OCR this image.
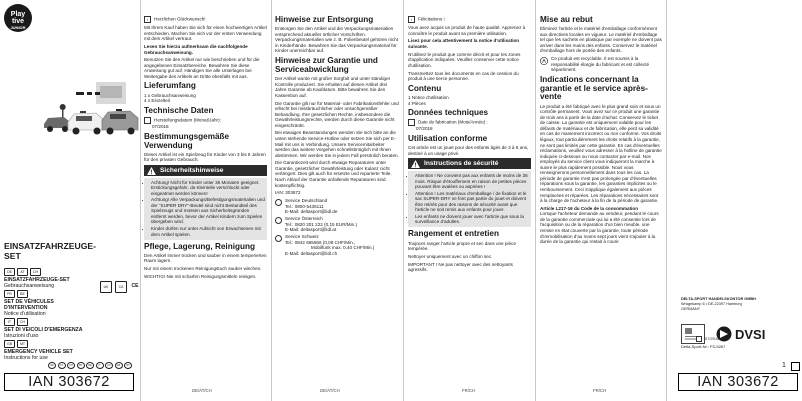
Play
tive
JUNIOR
EINSATZFAHRZEUGE-
SET
DE	AT	CH
EINSATZFAHRZEUGE-SET
Gebrauchsanweisung
FR	BE
SET DE VÉHICULES
D'INTERVENTION
Notice d'utilisation
IT	CH
SET DI VEICOLI D'EMERGENZA
Istruzioni d'uso
GB	MT
EMERGENCY VEHICLE SET
Instructions for use
UK	CA	CE
DE	AT	CH	FR	BE	IT	CH	GB	MT
IAN 303672

i Herzlichen Glückwunsch!

Mit Ihrem Kauf haben Sie sich für einen hochwertigen Artikel entschieden. Machen Sie sich vor der ersten Verwendung mit dem Artikel vertraut.

Lesen Sie hierzu aufmerksam die nachfolgende Gebrauchsanweisung.

Benutzen Sie den Artikel nur wie beschrieben und für die angegebenen Einsatzbereiche. Bewahren Sie diese Anweisung gut auf. Händigen Sie alle Unterlagen bei Weitergabe des Artikels an Dritte ebenfalls mit aus.

Lieferumfang
1 x Gebrauchsanweisung
4 x Einzelteil
Technische Daten
Herstellungsdatum (Monat/Jahr):
07/2018
Bestimmungsgemäße Verwendung

Dieser Artikel ist ein Spielzeug für Kinder von 3 bis 8 Jahren für den privaten Gebrauch.

Sicherheitshinweise
• Achtung! Nicht für Kinder unter 36 Monaten geeignet. Erstickungsgefahr, da Kleinteile verschluckt oder eingeatmet werden können!
• Achtung! Alle Verpackungs/Befestigungsmaterialien und der "SUPER DRY"-Beutel sind nicht Bestandteil des Spielzeugs und müssen aus Sicherheitsgründen entfernt werden, bevor der Artikel Kindern zum Spielen übergeben wird.
• Kinder dürfen nur unter Aufsicht von Erwachsenen mit dem Artikel spielen.
Pflege, Lagerung, Reinigung

Den Artikel immer trocken und sauber in einem temperierten Raum lagern.

Nur mit einem trockenen Reinigungstuch sauber wischen.

WICHTIG! Nie mit scharfen Reinigungsmitteln reinigen.

DE/AT/CH
Hinweise zur Entsorgung

Entsorgen Sie den Artikel und die Verpackungsmaterialien entsprechend aktueller örtlicher Vorschriften. Verpackungsmaterialien wie z. B. Folienbeutel gehören nicht in Kinderhände. Bewahren Sie das Verpackungsmaterial für Kinder unerreichbar auf.

Hinweise zur Garantie und Serviceabwicklung

Der Artikel wurde mit großer Sorgfalt und unter ständiger Kontrolle produziert. Sie erhalten auf diesen Artikel drei Jahre Garantie ab Kaufdatum. Bitte bewahren Sie den Kassenbon auf.

Die Garantie gilt nur für Material- oder Fabrikationsfehler und erlischt bei missbräuchlicher oder unsachgemäßer Behandlung. Ihre gesetzlichen Rechte, insbesondere die Gewährleistungsrechte, werden durch diese Garantie nicht eingeschränkt.

Bei etwaigen Beanstandungen wenden Sie sich bitte an die unten stehende Service-Hotline oder setzen Sie sich per E-Mail mit uns in Verbindung. Unsere Servicemitarbeiter werden das weitere Vorgehen schnellstmöglich mit Ihnen abstimmen. Wir werden Sie in jedem Fall persönlich beraten.

Die Garantiezeit wird durch etwaige Reparaturen unter Garantie, gesetzlicher Gewährleistung oder Kulanz nicht verlängert. Dies gilt auch für ersetzte und reparierte Teile. Nach Ablauf der Garantie anfallende Reparaturen sind kostenpflichtig.

IAN: 303672

Service Deutschland
Tel.: 0800-5435111
E-Mail: deltasport@lidl.de
Service Österreich
Tel.: 0820 201 222 (0,15 EUR/Min.)
E-Mail: deltasport@lidl.at
Service Schweiz
Tel.: 0842 665566 (0,08 CHF/Min.,
Mobilfunk max. 0,40 CHF/Min.)
E-Mail: deltasport@lidl.ch
DE/AT/CH

i Félicitations !

Vous avez acquis un produit de haute qualité. Apprenez à connaître le produit avant sa première utilisation.

Lisez pour cela attentivement la notice d'utilisation suivante.

N'utilisez le produit que comme décrit et pour les zones d'application indiquées. Veuillez conserver cette notice d'utilisation.

Transmettez tous les documents en cas de cession du produit à une tierce personne.

Contenu
1 Notice d'utilisation
4 Pièces
Données techniques
Date de fabrication (Mois/Année) :
07/2018
Utilisation conforme

Cet article est un jouet pour des enfants âgés de 3 à 8 ans, destiné à un usage privé.

Instructions de sécurité
• Attention ! Ne convient pas aux enfants de moins de 36 mois. Risque d'étouffement en raison de petites pièces pouvant être avalées ou aspirées !
• Attention ! Les matériaux d'emballage / de fixation et le sac SUPER-DRY ne font pas partie du jouet et doivent être retirés pour des raisons de sécurité avant que l'article ne soit remis aux enfants pour jouer.
• Les enfants ne doivent jouer avec l'article que sous la surveillance d'adultes.
Rangement et entretien

Toujours ranger l'article propre et sec dans une pièce tempérée.

Nettoyer uniquement avec un chiffon sec.

IMPORTANT ! Ne pas nettoyer avec des nettoyants agressifs.

FR/CH
Mise au rebut

Éliminez l'article et le matériel d'emballage conformément aux directives locales en vigueur. Le matériel d'emballage tel que les sachets en plastique par exemple ne doivent pas arriver dans les mains des enfants. Conservez le matériel d'emballage hors de portée des enfants.

Ce produit est recyclable. Il est soumis à la responsabilité élargie du fabricant et est collecté séparément.
Indications concernant la garantie et le service après-vente

Le produit a été fabriqué avec le plus grand soin et sous un contrôle permanent. Vous avez sur ce produit une garantie de trois ans à partir de la date d'achat. Conservez le ticket de caisse. La garantie est uniquement valable pour les défauts de matériaux et de fabrication, elle perd sa validité en cas de maniement incorrect ou non conforme. Vos droits légaux, tout particulièrement les droits relatifs à la garantie, ne sont pas limités par cette garantie. En cas d'éventuelles réclamations, veuillez vous adresser à la hotline de garantie indiquée ci-dessous ou nous contacter par e-mail. Nos employés du service client vous indiqueront la marche à suivre le plus rapidement possible. Nous vous renseignerons personnellement dans tous les cas. La période de garantie n'est pas prolongée par d'éventuelles réparations sous la garantie, les garanties implicites ou le remboursement. Ceci s'applique également aux pièces remplacées et réparées. Les réparations nécessaires sont à la charge de l'acheteur à la fin de la période de garantie.

Article L217-16 du Code de la consommation

Lorsque l'acheteur demande au vendeur, pendant le cours de la garantie commerciale qui lui a été consentie lors de l'acquisition ou de la réparation d'un bien meuble, une remise en état couverte par la garantie, toute période d'immobilisation d'au moins sept jours vient s'ajouter à la durée de la garantie qui restait à courir.

FR/CH
DELTA-SPORT HANDELSKONTOR GMBH
Wragekamp 6 • DE-22397 Hamburg
GERMANY
DVSI
07/2018
Delta-Sport-Nr.: FS-5267
1
IAN 303672
